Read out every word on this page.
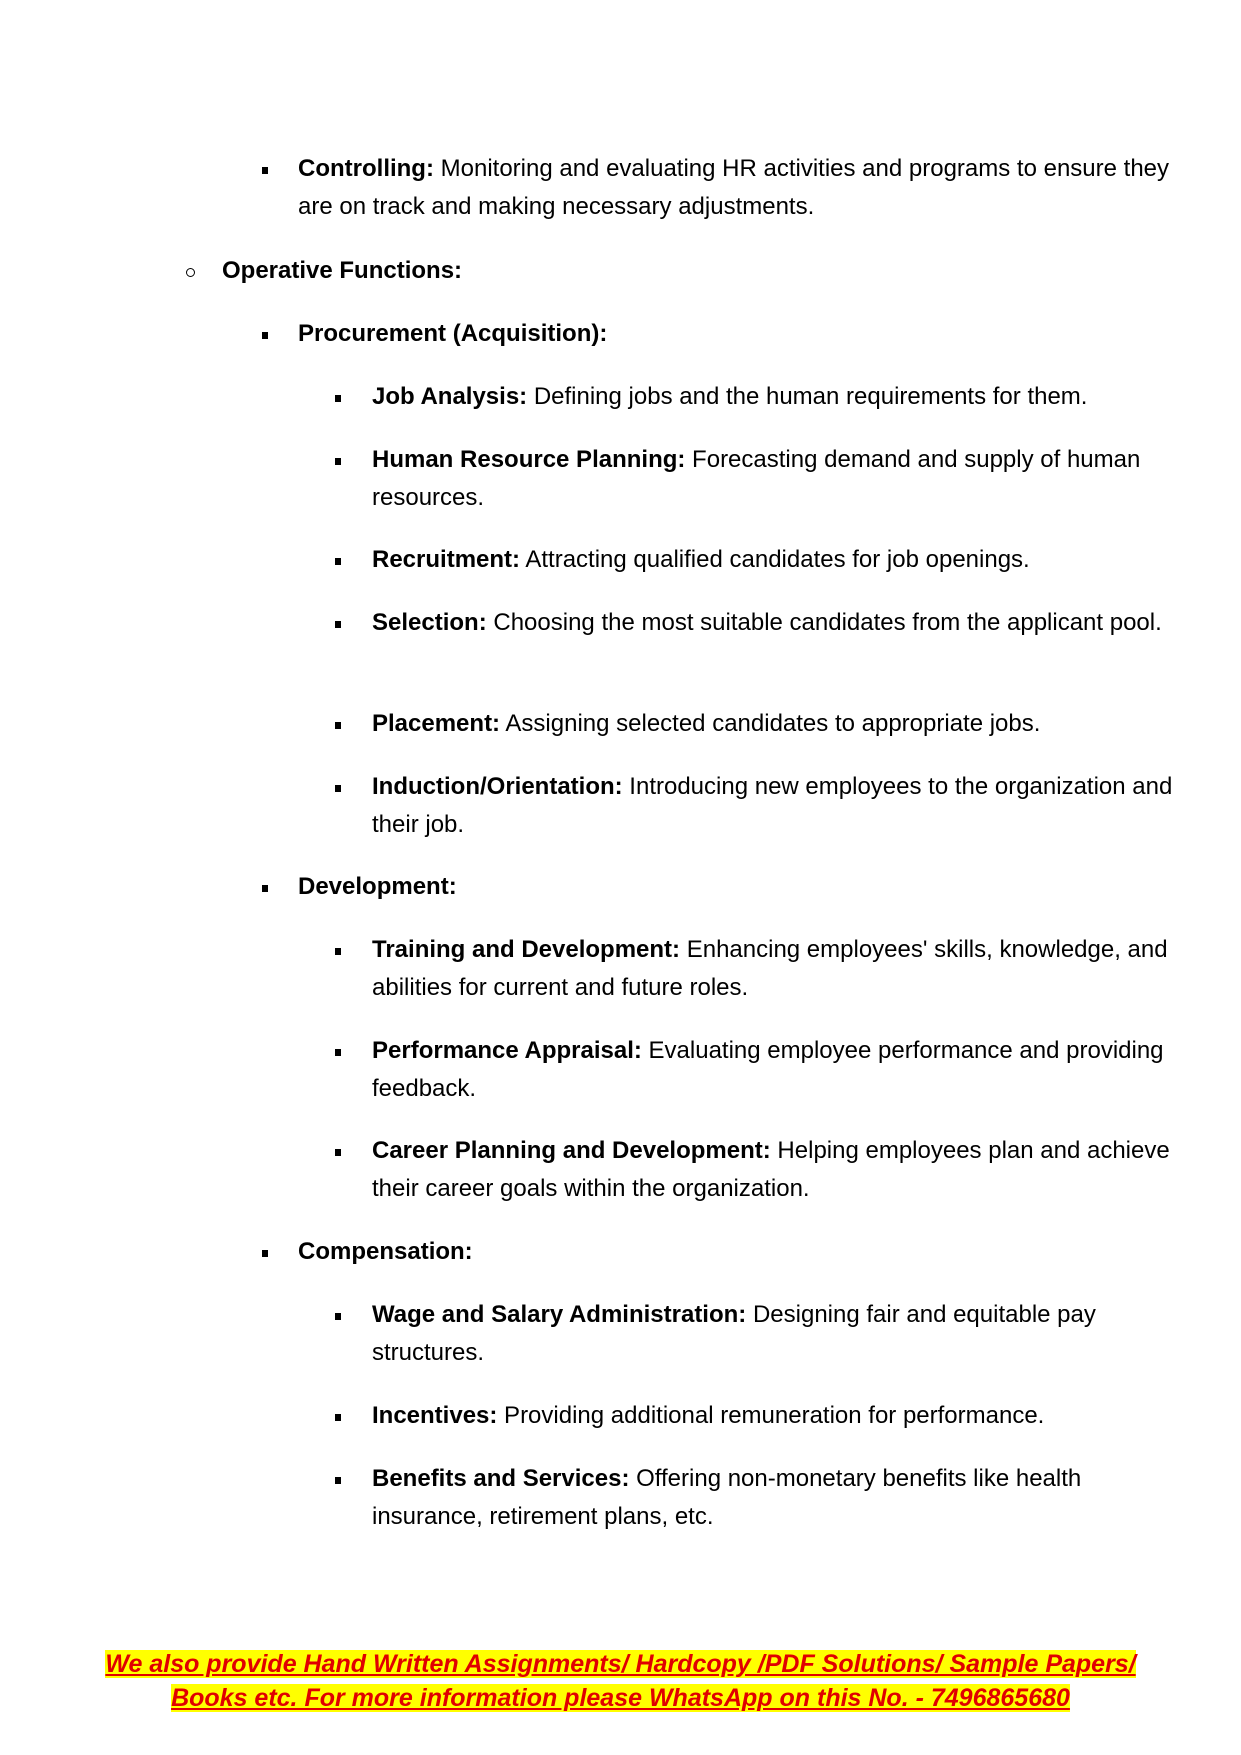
Controlling: Monitoring and evaluating HR activities and programs to ensure they are on track and making necessary adjustments.
Operative Functions:
Procurement (Acquisition):
Job Analysis: Defining jobs and the human requirements for them.
Human Resource Planning: Forecasting demand and supply of human resources.
Recruitment: Attracting qualified candidates for job openings.
Selection: Choosing the most suitable candidates from the applicant pool.
Placement: Assigning selected candidates to appropriate jobs.
Induction/Orientation: Introducing new employees to the organization and their job.
Development:
Training and Development: Enhancing employees' skills, knowledge, and abilities for current and future roles.
Performance Appraisal: Evaluating employee performance and providing feedback.
Career Planning and Development: Helping employees plan and achieve their career goals within the organization.
Compensation:
Wage and Salary Administration: Designing fair and equitable pay structures.
Incentives: Providing additional remuneration for performance.
Benefits and Services: Offering non-monetary benefits like health insurance, retirement plans, etc.
We also provide Hand Written Assignments/ Hardcopy /PDF Solutions/ Sample Papers/
Books etc. For more information please WhatsApp on this No. - 7496865680
